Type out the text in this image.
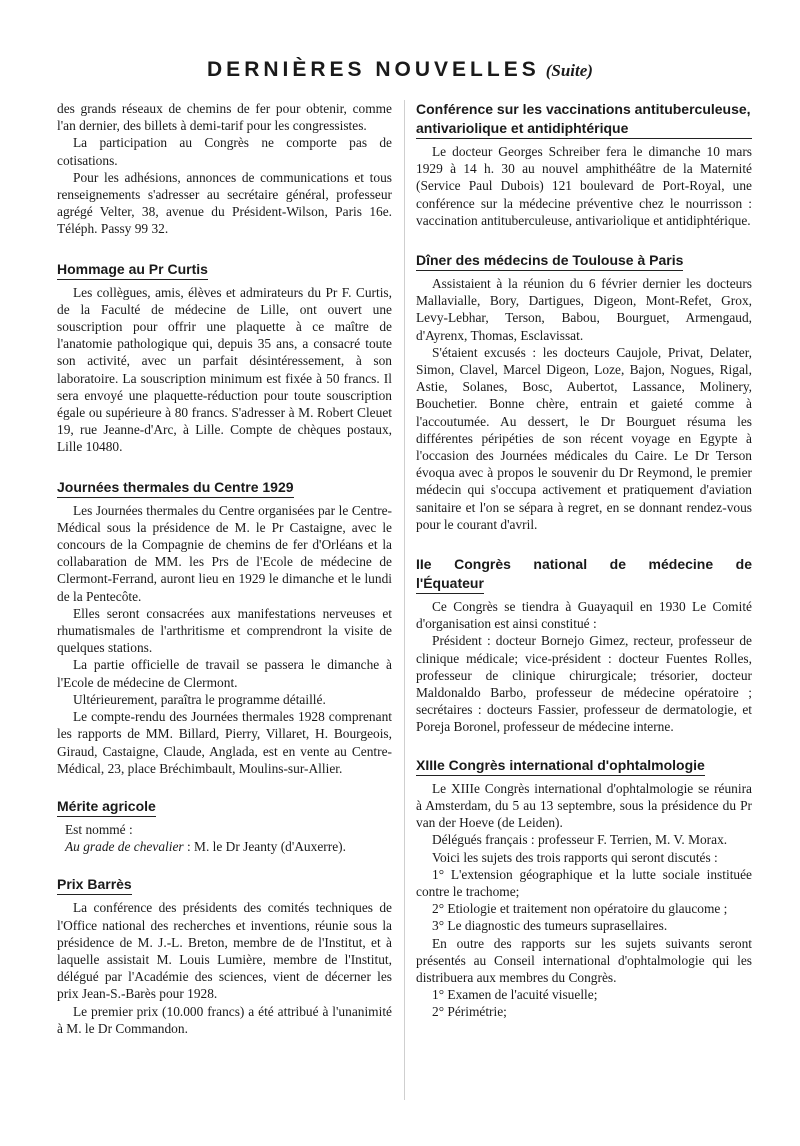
DERNIÈRES NOUVELLES (Suite)

des grands réseaux de chemins de fer pour obtenir, comme l'an dernier, des billets à demi-tarif pour les congressistes.

La participation au Congrès ne comporte pas de cotisations.

Pour les adhésions, annonces de communications et tous renseignements s'adresser au secrétaire général, professeur agrégé Velter, 38, avenue du Président-Wilson, Paris 16e. Téléph. Passy 99 32.

Hommage au Pr Curtis

Les collègues, amis, élèves et admirateurs du Pr F. Curtis, de la Faculté de médecine de Lille, ont ouvert une souscription pour offrir une plaquette à ce maître de l'anatomie pathologique qui, depuis 35 ans, a consacré toute son activité, avec un parfait désintéressement, à son laboratoire. La souscription minimum est fixée à 50 francs. Il sera envoyé une plaquette-réduction pour toute souscription égale ou supérieure à 80 francs. S'adresser à M. Robert Cleuet 19, rue Jeanne-d'Arc, à Lille. Compte de chèques postaux, Lille 10480.

Journées thermales du Centre 1929

Les Journées thermales du Centre organisées par le Centre-Médical sous la présidence de M. le Pr Castaigne, avec le concours de la Compagnie de chemins de fer d'Orléans et la collabaration de MM. les Prs de l'Ecole de médecine de Clermont-Ferrand, auront lieu en 1929 le dimanche et le lundi de la Pentecôte.

Elles seront consacrées aux manifestations nerveuses et rhumatismales de l'arthritisme et comprendront la visite de quelques stations.

La partie officielle de travail se passera le dimanche à l'Ecole de médecine de Clermont.

Ultérieurement, paraîtra le programme détaillé.

Le compte-rendu des Journées thermales 1928 comprenant les rapports de MM. Billard, Pierry, Villaret, H. Bourgeois, Giraud, Castaigne, Claude, Anglada, est en vente au Centre-Médical, 23, place Bréchimbault, Moulins-sur-Allier.

Mérite agricole

Est nommé :

Au grade de chevalier : M. le Dr Jeanty (d'Auxerre).

Prix Barrès

La conférence des présidents des comités techniques de l'Office national des recherches et inventions, réunie sous la présidence de M. J.-L. Breton, membre de de l'Institut, et à laquelle assistait M. Louis Lumière, membre de l'Institut, délégué par l'Académie des sciences, vient de décerner les prix Jean-S.-Barès pour 1928.

Le premier prix (10.000 francs) a été attribué à l'unanimité à M. le Dr Commandon.

Conférence sur les vaccinations antituberculeuse, antivariolique et antidiphtérique

Le docteur Georges Schreiber fera le dimanche 10 mars 1929 à 14 h. 30 au nouvel amphithéâtre de la Maternité (Service Paul Dubois) 121 boulevard de Port-Royal, une conférence sur la médecine préventive chez le nourrisson : vaccination antituberculeuse, antivariolique et antidiphtérique.

Dîner des médecins de Toulouse à Paris

Assistaient à la réunion du 6 février dernier les docteurs Mallavialle, Bory, Dartigues, Digeon, Mont-Refet, Grox, Levy-Lebhar, Terson, Babou, Bourguet, Armengaud, d'Ayrenx, Thomas, Esclavissat.

S'étaient excusés : les docteurs Caujole, Privat, Delater, Simon, Clavel, Marcel Digeon, Loze, Bajon, Nogues, Rigal, Astie, Solanes, Bosc, Aubertot, Lassance, Molinery, Bouchetier. Bonne chère, entrain et gaieté comme à l'accoutumée. Au dessert, le Dr Bourguet résuma les différentes péripéties de son récent voyage en Egypte à l'occasion des Journées médicales du Caire. Le Dr Terson évoqua avec à propos le souvenir du Dr Reymond, le premier médecin qui s'occupa activement et pratiquement d'aviation sanitaire et l'on se sépara à regret, en se donnant rendez-vous pour le courant d'avril.

IIe Congrès national de médecine de
l'Équateur

Ce Congrès se tiendra à Guayaquil en 1930 Le Comité d'organisation est ainsi constitué :

Président : docteur Bornejo Gimez, recteur, professeur de clinique médicale; vice-président : docteur Fuentes Rolles, professeur de clinique chirurgicale; trésorier, docteur Maldonaldo Barbo, professeur de médecine opératoire ; secrétaires : docteurs Fassier, professeur de dermatologie, et Poreja Boronel, professeur de médecine interne.

XIIIe Congrès international d'ophtalmologie

Le XIIIe Congrès international d'ophtalmologie se réunira à Amsterdam, du 5 au 13 septembre, sous la présidence du Pr van der Hoeve (de Leiden).

Délégués français : professeur F. Terrien, M. V. Morax.

Voici les sujets des trois rapports qui seront discutés :

1° L'extension géographique et la lutte sociale instituée contre le trachome;

2° Etiologie et traitement non opératoire du glaucome ;

3° Le diagnostic des tumeurs suprasellaires.

En outre des rapports sur les sujets suivants seront présentés au Conseil international d'ophtalmologie qui les distribuera aux membres du Congrès.

1° Examen de l'acuité visuelle;

2° Périmétrie;
